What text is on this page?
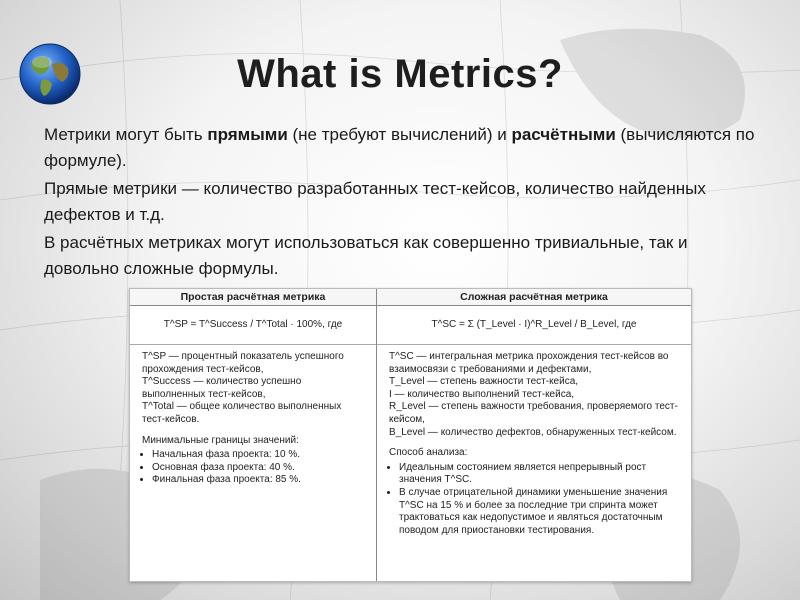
What is Metrics?
Метрики могут быть прямыми (не требуют вычислений) и расчётными (вычисляются по формуле).
Прямые метрики — количество разработанных тест-кейсов, количество найденных дефектов и т.д.
В расчётных метриках могут использоваться как совершенно тривиальные, так и довольно сложные формулы.
Простая расчётная метрика
T^SP = T^Success / T^Total · 100%, где

T^SP — процентный показатель успешного прохождения тест-кейсов,
T^Success — количество успешно выполненных тест-кейсов,
T^Total — общее количество выполненных тест-кейсов.

Минимальные границы значений:

• Начальная фаза проекта: 10 %.
• Основная фаза проекта: 40 %.
• Финальная фаза проекта: 85 %.
Сложная расчётная метрика
T^SC = Σ (T_Level · I)^R_Level / B_Level, где

T^SC — интегральная метрика прохождения тест-кейсов во взаимосвязи с требованиями и дефектами,
T_Level — степень важности тест-кейса,
I — количество выполнений тест-кейса,
R_Level — степень важности требования, проверяемого тест-кейсом,
B_Level — количество дефектов, обнаруженных тест-кейсом.

Способ анализа:

• Идеальным состоянием является непрерывный рост значения T^SC.
• В случае отрицательной динамики уменьшение значения T^SC на 15 % и более за последние три спринта может трактоваться как недопустимое и являться достаточным поводом для приостановки тестирования.
